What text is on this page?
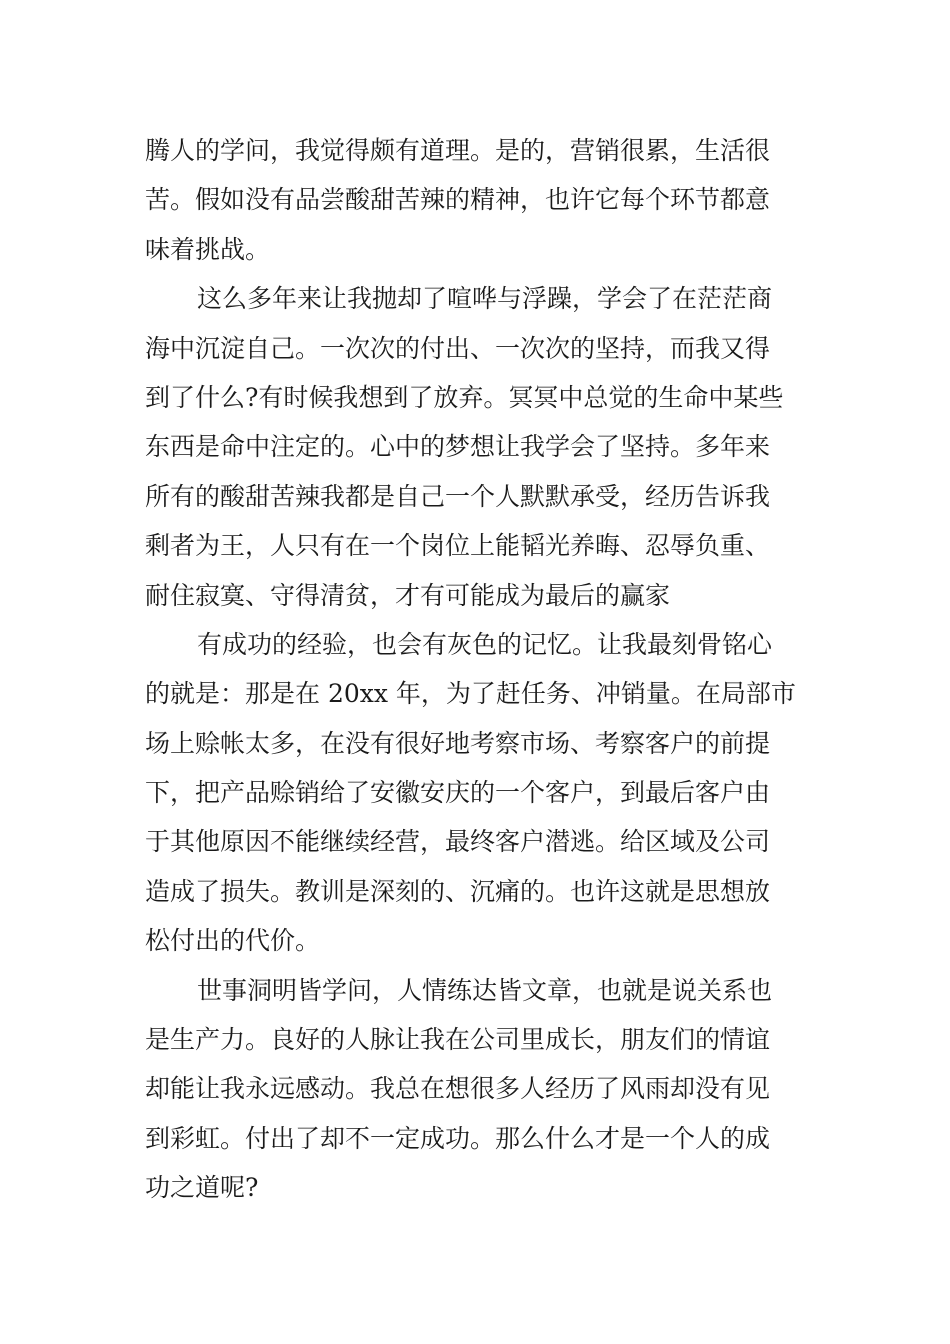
腾人的学问，我觉得颇有道理。是的，营销很累，生活很
苦。假如没有品尝酸甜苦辣的精神，也许它每个环节都意
味着挑战。
这么多年来让我抛却了喧哗与浮躁，学会了在茫茫商
海中沉淀自己。一次次的付出、一次次的坚持，而我又得
到了什么?有时候我想到了放弃。冥冥中总觉的生命中某些
东西是命中注定的。心中的梦想让我学会了坚持。多年来
所有的酸甜苦辣我都是自己一个人默默承受，经历告诉我
剩者为王，人只有在一个岗位上能韬光养晦、忍辱负重、
耐住寂寞、守得清贫，才有可能成为最后的赢家
有成功的经验，也会有灰色的记忆。让我最刻骨铭心
的就是：那是在 20xx 年，为了赶任务、冲销量。在局部市
场上赊帐太多，在没有很好地考察市场、考察客户的前提
下，把产品赊销给了安徽安庆的一个客户，到最后客户由
于其他原因不能继续经营，最终客户潜逃。给区域及公司
造成了损失。教训是深刻的、沉痛的。也许这就是思想放
松付出的代价。
世事洞明皆学问，人情练达皆文章，也就是说关系也
是生产力。良好的人脉让我在公司里成长，朋友们的情谊
却能让我永远感动。我总在想很多人经历了风雨却没有见
到彩虹。付出了却不一定成功。那么什么才是一个人的成
功之道呢?
